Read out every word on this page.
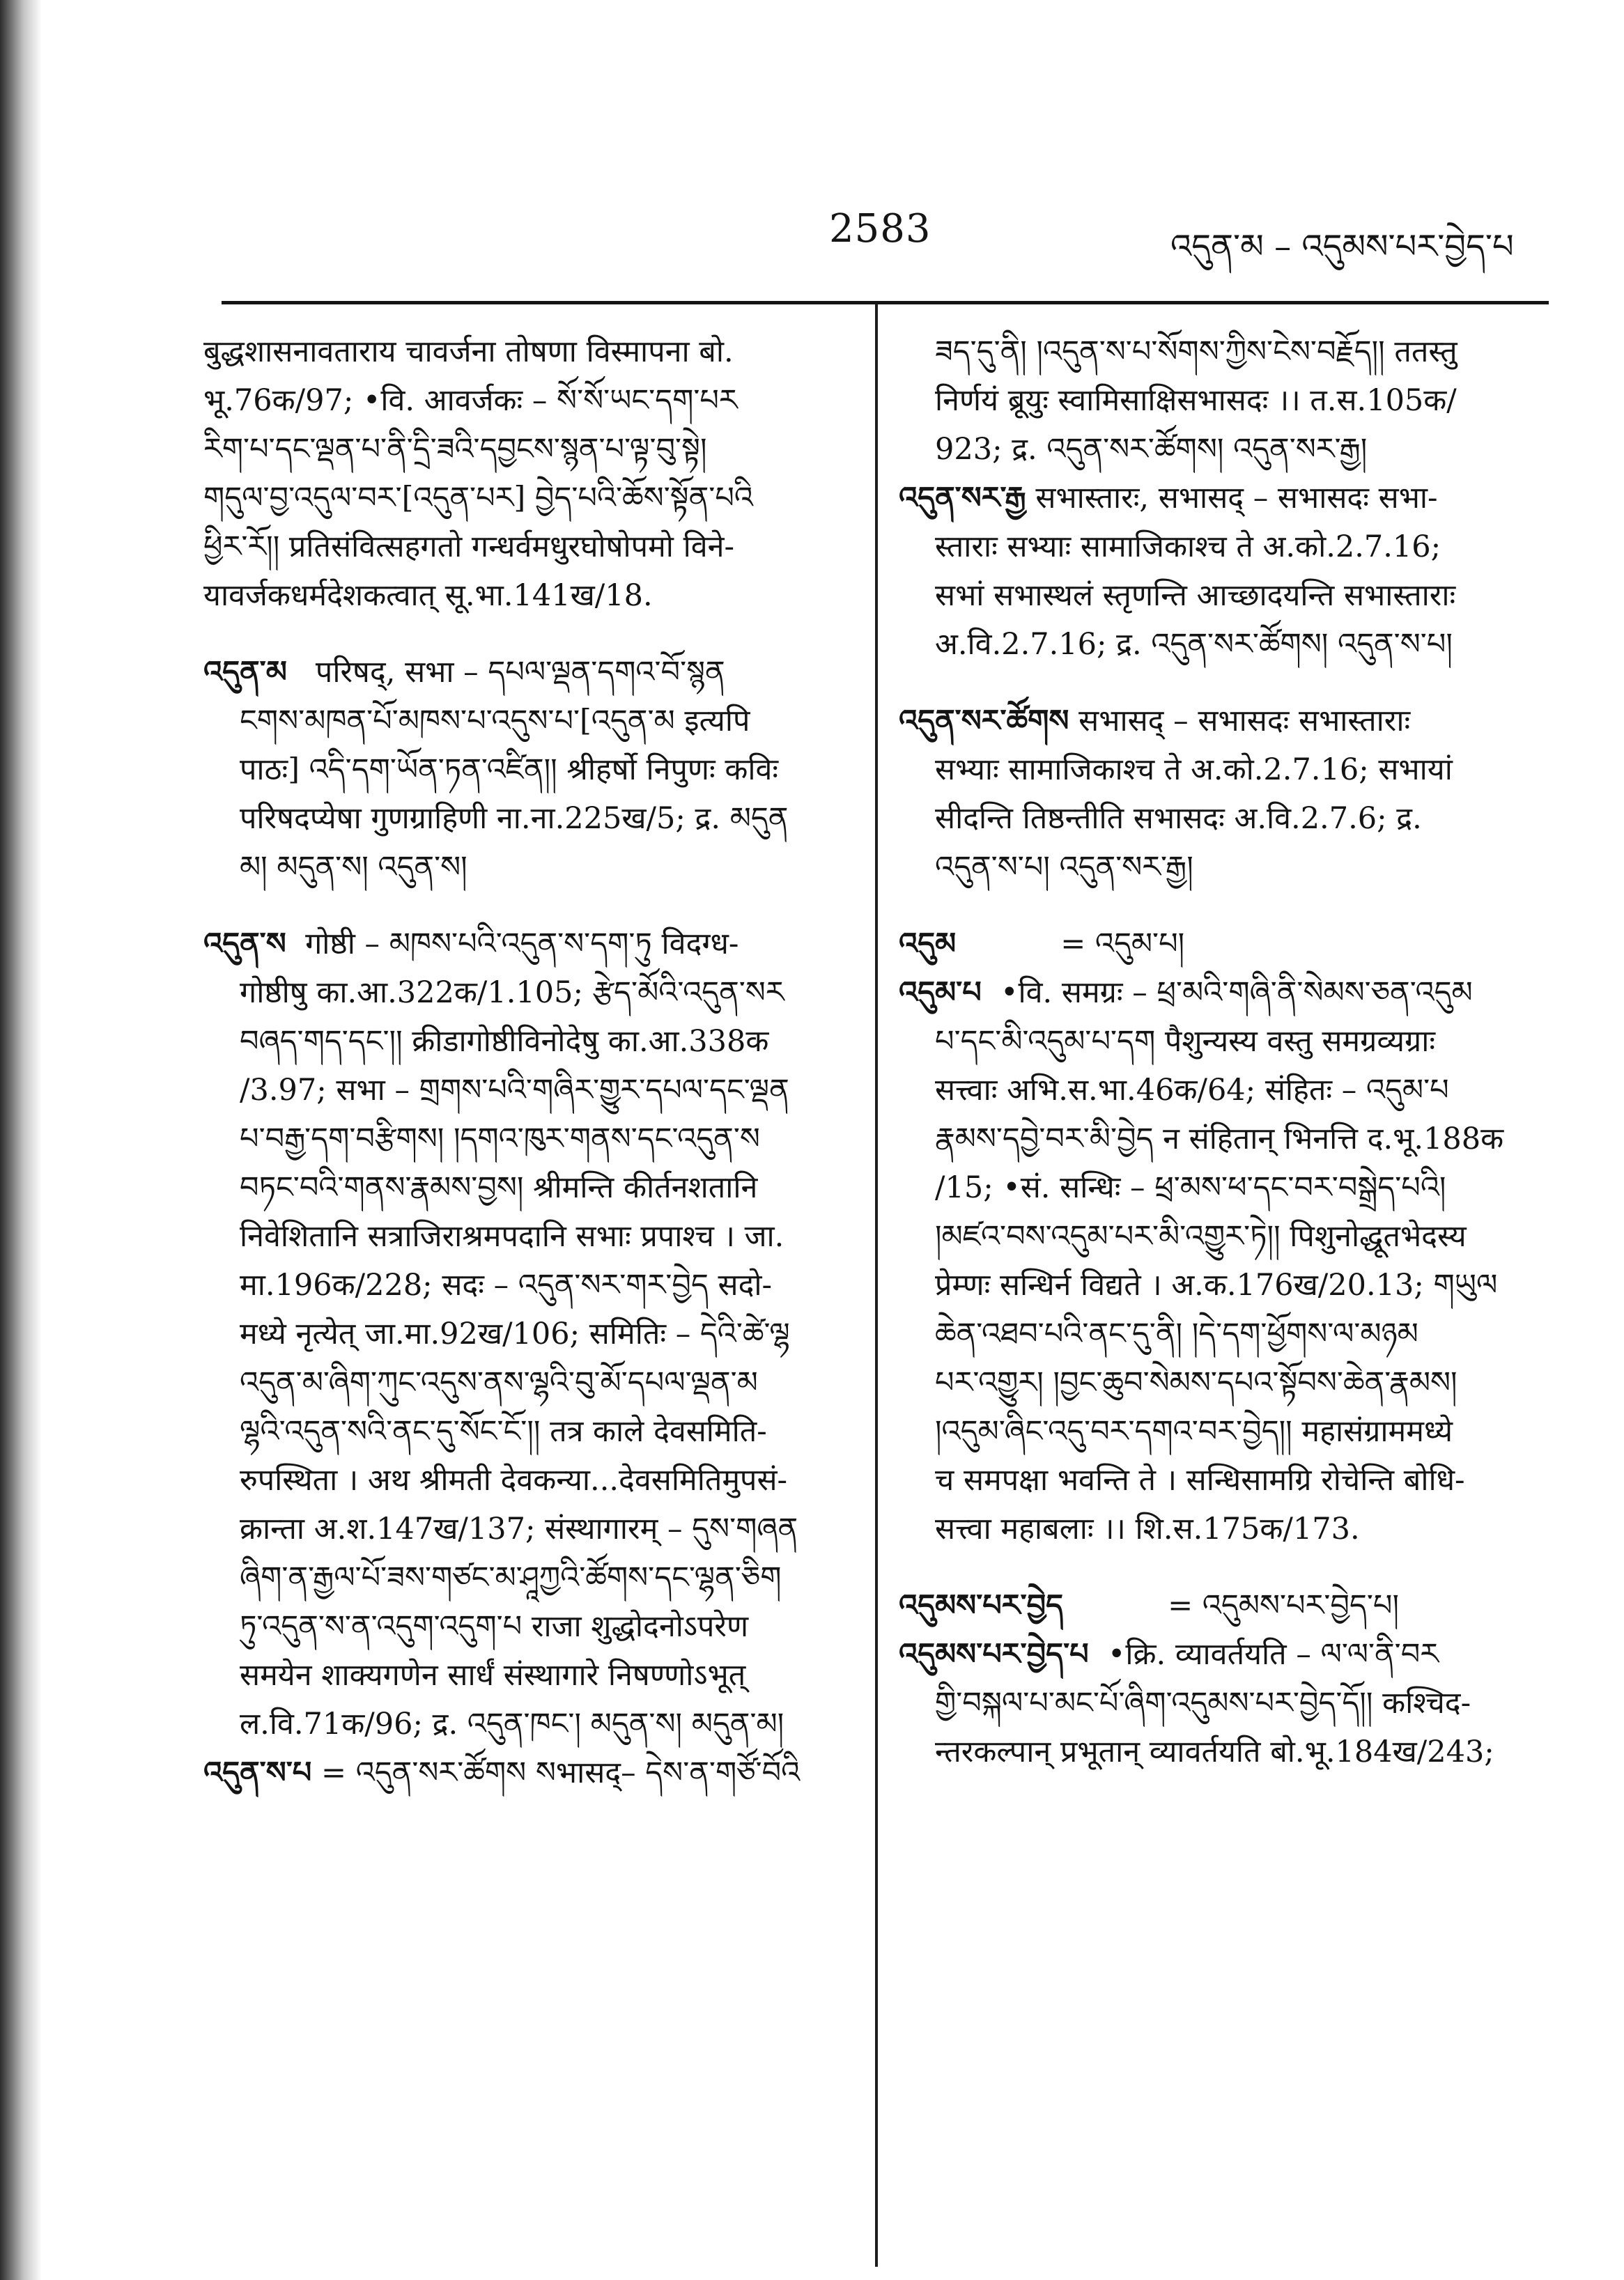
2583	འདུན་མ – འདུམས་པར་བྱེད་པ
बुद्धशासनावताराय चावर्जना तोषणा विस्मापना बो.
भू.76क/97; •वि. आवर्जकः – སོ་སོ་ཡང་དག་པར
རིག་པ་དང་ལྡན་པ་ནི་དྲི་ཟའི་དབྱངས་སྙན་པ་ལྟ་བུ་སྟེ།
གདུལ་བྱ་འདུལ་བར་[འདུན་པར] བྱེད་པའི་ཆོས་སྟོན་པའི
ཕྱིར་རོ།། प्रतिसंवित्सहगतो गन्धर्वमधुरघोषोपमो विने-
यावर्जकधर्मदेशकत्वात् सू.भा.141ख/18.
འདུན་མ परिषद्, सभा – དཔལ་ལྡན་དགའ་བོ་སྙན
ངགས་མཁན་པོ་མཁས་པ་འདུས་པ་[འདུན་མ इत्यपि
पाठः] འདི་དག་ཡོན་ཏན་འཛིན།། श्रीहर्षो निपुणः कविः
परिषदप्येषा गुणग्राहिणी ना.ना.225ख/5; द्र. མདུན
མ། མདུན་ས། འདུན་ས།
འདུན་ས गोष्ठी – མཁས་པའི་འདུན་ས་དག་ཏུ विदग्ध-
गोष्ठीषु का.आ.322क/1.105; རྩེད་མོའི་འདུན་སར
བཞད་གད་དང་།། क्रीडागोष्ठीविनोदेषु का.आ.338क
/3.97; सभा – གྲགས་པའི་གཞིར་གྱུར་དཔལ་དང་ལྡན
པ་བརྒྱ་དག་བརྩིགས། །དགའ་ཁུར་གནས་དང་འདུན་ས
བཏང་བའི་གནས་རྣམས་བྱས། श्रीमन्ति कीर्तनशतानि
निवेशितानि सत्राजिराश्रमपदानि सभाः प्रपाश्च । जा.
मा.196क/228; सदः – འདུན་སར་གར་བྱེད सदो-
मध्ये नृत्येत् जा.मा.92ख/106; समितिः – དེའི་ཚེ་ལྷ
འདུན་མ་ཞིག་ཀུང་འདུས་ནས་ལྷའི་བུ་མོ་དཔལ་ལྡན་མ
ལྷའི་འདུན་སའི་ནང་དུ་སོང་ངོ་།། तत्र काले देवसमिति-
रुपस्थिता । अथ श्रीमती देवकन्या...देवसमितिमुपसं-
क्रान्ता अ.श.147ख/137; संस्थागारम् – དུས་གཞན
ཞིག་ན་རྒྱལ་པོ་ཟས་གཙང་མ་ཤཱཀྱའི་ཚོགས་དང་ལྷན་ཅིག
ཏུ་འདུན་ས་ན་འདུག་འདུག་པ राजा शुद्धोदनोऽपरेण
समयेन शाक्यगणेन सार्धं संस्थागारे निषण्णोऽभूत्
ल.वि.71क/96; द्र. འདུན་ཁང་། མདུན་ས། མདུན་མ།
འདུན་ས་པ = འདུན་སར་ཚོགས སभासद्– དེས་ན་གཙོ་བོའི
ཟད་དུ་ནི། །འདུན་ས་པ་སོགས་ཀྱིས་ངེས་བརྗོད།། ततस्तु
निर्णयं ब्रूयुः स्वामिसाक्षिसभासदः ।। त.स.105क/
923; द्र. འདུན་སར་ཚོགས། འདུན་སར་རྒྱ།
འདུན་སར་རྒྱ सभास्तारः, सभासद् – सभासदः सभा-
स्ताराः सभ्याः सामाजिकाश्च ते अ.को.2.7.16;
सभां सभास्थलं स्तृणन्ति आच्छादयन्ति सभास्ताराः
अ.वि.2.7.16; द्र. འདུན་སར་ཚོགས། འདུན་ས་པ།
འདུན་སར་ཚོགས सभासद् – सभासदः सभास्ताराः
सभ्याः सामाजिकाश्च ते अ.को.2.7.16; सभायां
सीदन्ति तिष्ठन्तीति सभासदः अ.वि.2.7.6; द्र.
འདུན་ས་པ། འདུན་སར་རྒྱ།
འདུམ	= འདུམ་པ།
འདུམ་པ •वि. समग्रः – ཕྲ་མའི་གཞི་ནི་སེམས་ཅན་འདུམ
པ་དང་མི་འདུམ་པ་དག पैशुन्यस्य वस्तु समग्रव्यग्राः
सत्त्वाः अभि.स.भा.46क/64; संहितः – འདུམ་པ
རྣམས་དབྱེ་བར་མི་བྱེད न संहितान् भिनत्ति द.भू.188क
/15; •सं. सन्धिः – ཕྲ་མས་ཕ་དང་བར་བསྒྲེད་པའི།
།མཛའ་བས་འདུམ་པར་མི་འགྱུར་ཏེ།། पिशुनोद्धूतभेदस्य
प्रेम्णः सन्धिर्न विद्यते । अ.क.176ख/20.13; གཡུལ
ཆེན་འཐབ་པའི་ནང་དུ་ནི། །དེ་དག་ཕྱོགས་ལ་མཉམ
པར་འགྱུར། །བྱང་ཆུབ་སེམས་དཔའ་སྟོབས་ཆེན་རྣམས།
།འདུམ་ཞིང་འདུ་བར་དགའ་བར་བྱེད།། महासंग्राममध्ये
च समपक्षा भवन्ति ते । सन्धिसामग्रि रोचेन्ति बोधि-
सत्त्वा महाबलाः ।। शि.स.175क/173.
འདུམས་པར་བྱེད	= འདུམས་པར་བྱེད་པ།
འདུམས་པར་བྱེད་པ •क्रि. व्यावर्तयति – ལ་ལ་ནི་བར
གྱི་བསྐལ་པ་མང་པོ་ཞིག་འདུམས་པར་བྱེད་དོ།། कश्चिद-
न्तरकल्पान् प्रभूतान् व्यावर्तयति बो.भू.184ख/243;
